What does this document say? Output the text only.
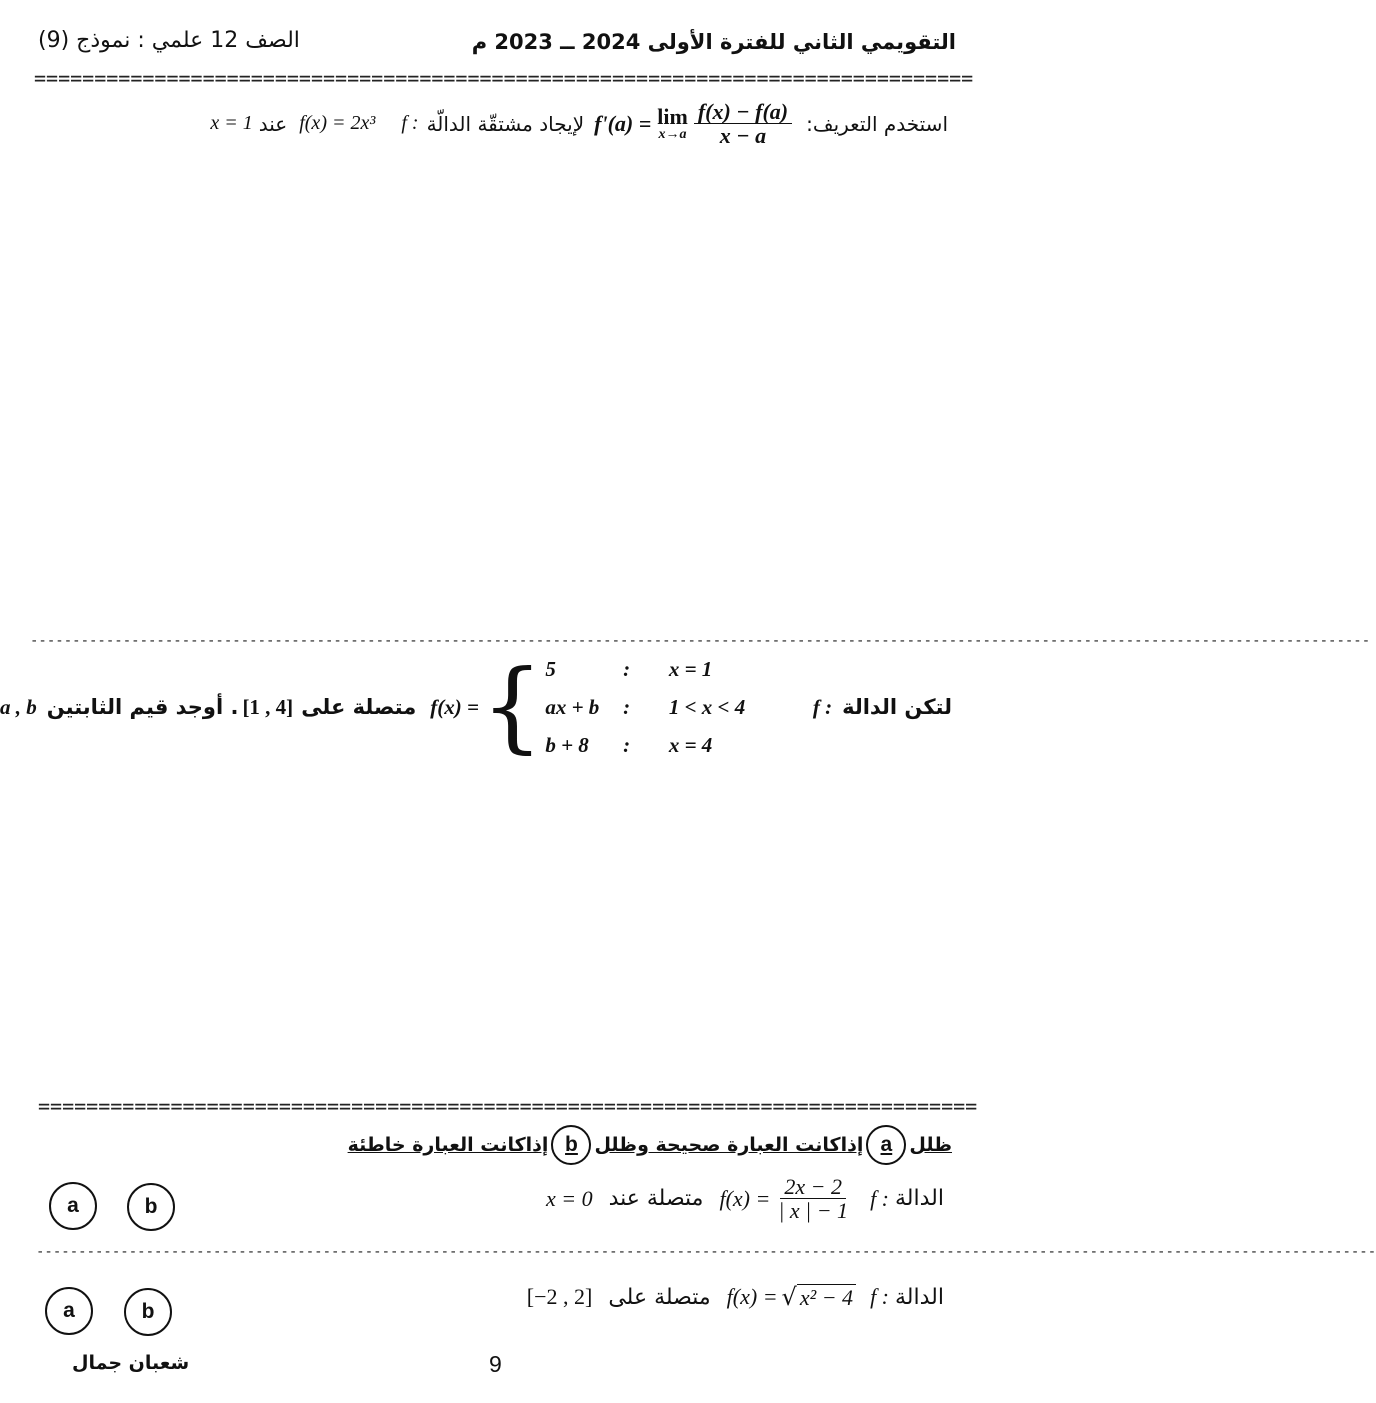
التقويمي الثاني للفترة الأولى 2024 ــ 2023 م
الصف 12 علمي : نموذج (9)
==============================================================================
استخدم التعريف:
f'(a) = lim
$x\to a \frac{f(x) - f(a)}{x - a}$
لإيجاد مشتقّة الدالّة
f :
f(x) = 2x³
عند
x = 1
---------------------------------------------------------------------------------------------------------------------------------------------------------------
لتكن الدالة
f :
f(x) = { 5	:	x = 1
ax + b	:	1 < x < 4
b + 8	:	x = 4
متصلة على
[1 , 4]
. أوجد قيم الثابتين
a , b
==============================================================================
ظلل
a
إذاكانت العبارة صحيحة وظلل
b
إذاكانت العبارة خاطئة
الدالة
f :
$f(x) = \frac{2x - 2}{| x | - 1}$
متصلة عند
x = 0
a	b
---------------------------------------------------------------------------------------------------------------------------------------------------------------
الدالة
f :
f(x) = √ x² − 4
متصلة على
[−2 , 2]
a	b
شعبان جمال	9
